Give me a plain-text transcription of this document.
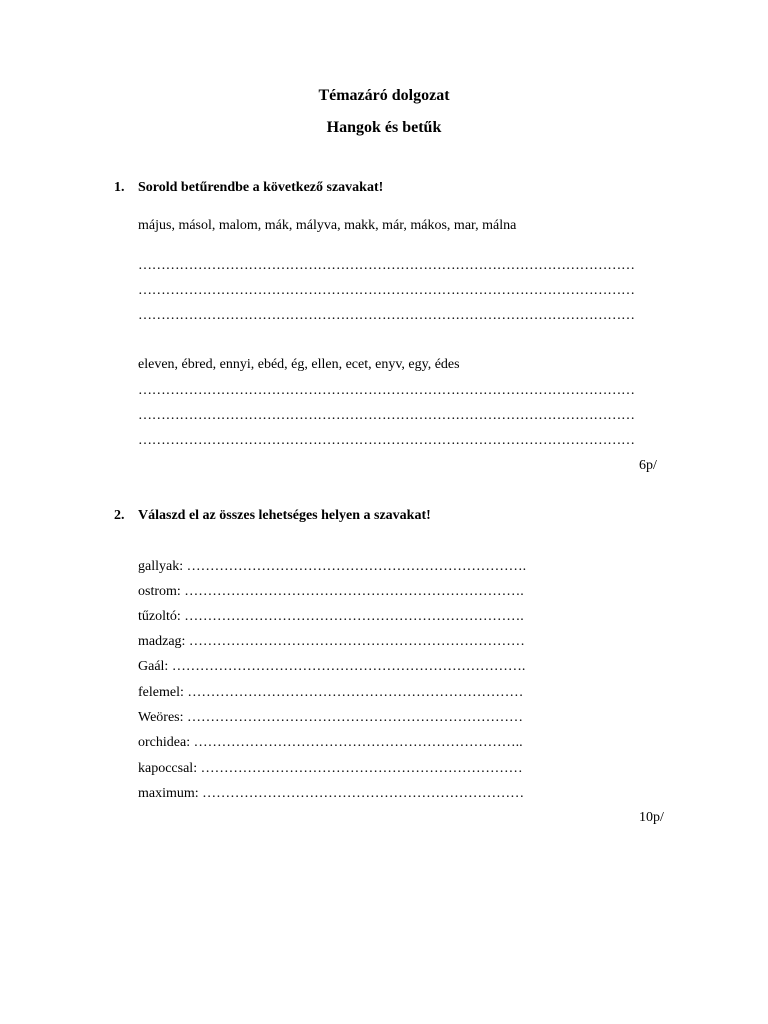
Témazáró dolgozat

Hangok és betűk

1. Sorold betűrendbe a következő szavakat!

május, másol, malom, mák, mályva, makk, már, mákos, mar, málna

………………………………………………………………………………………………
………………………………………………………………………………………………
………………………………………………………………………………………………

eleven, ébred, ennyi, ebéd, ég, ellen, ecet, enyv, egy, édes

………………………………………………………………………………………………
………………………………………………………………………………………………
………………………………………………………………………………………………

6p/

2. Válaszd el az összes lehetséges helyen a szavakat!

gallyak: ……………………………………………………………….

ostrom: ……………………………………………………………….

tűzoltó: ……………………………………………………………….

madzag: ………………………………………………………………

Gaál: ………………………………………………………………….

felemel: ………………………………………………………………

Weöres: ………………………………………………………………

orchidea: ……………………………………………………………..

kapoccsal: ……………………………………………………………

maximum: ……………………………………………………………

10p/
